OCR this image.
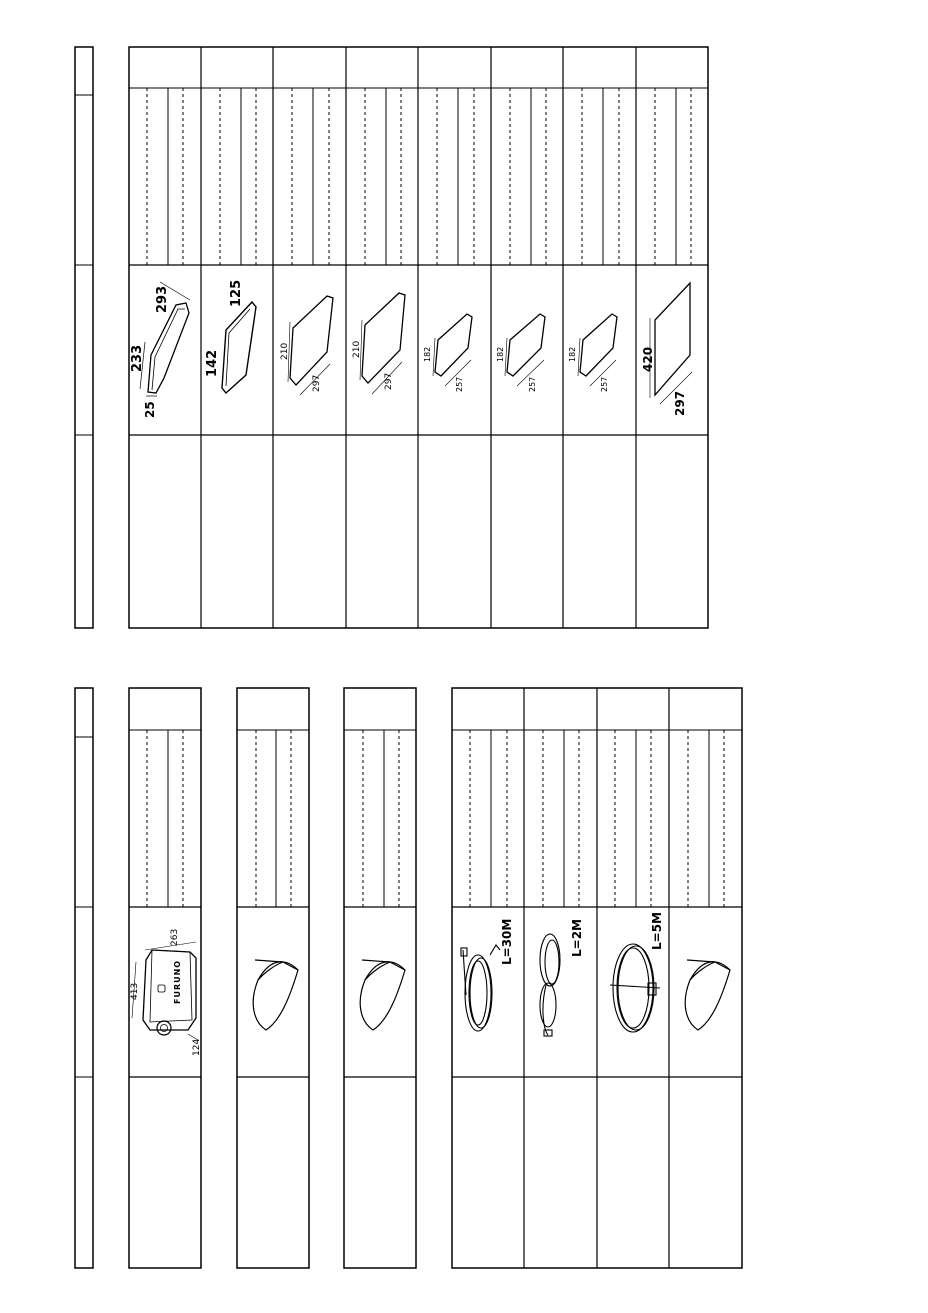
233
293
25
142
125
210
297
210
297
182
257
182
257
182
257
420
297
413
263
124
FURUNO
L=30M	L=2M	L=5M
